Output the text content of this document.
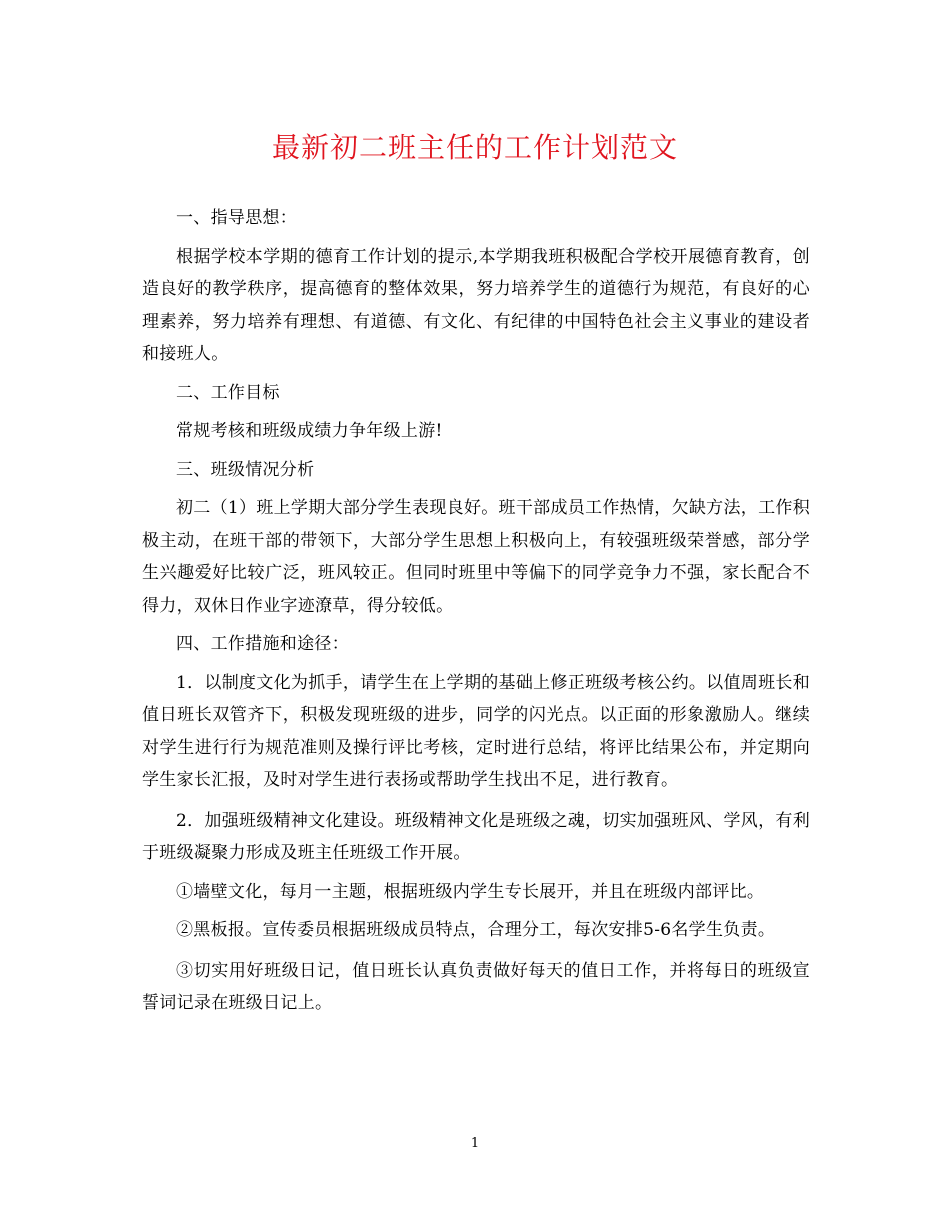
最新初二班主任的工作计划范文

一、指导思想：

根据学校本学期的德育工作计划的提示,本学期我班积极配合学校开展德育教育，创造良好的教学秩序，提高德育的整体效果，努力培养学生的道德行为规范，有良好的心理素养，努力培养有理想、有道德、有文化、有纪律的中国特色社会主义事业的建设者和接班人。

二、工作目标

常规考核和班级成绩力争年级上游!

三、班级情况分析

初二（1）班上学期大部分学生表现良好。班干部成员工作热情，欠缺方法，工作积极主动，在班干部的带领下，大部分学生思想上积极向上，有较强班级荣誉感，部分学生兴趣爱好比较广泛，班风较正。但同时班里中等偏下的同学竞争力不强，家长配合不得力，双休日作业字迹潦草，得分较低。

四、工作措施和途径：

1．以制度文化为抓手，请学生在上学期的基础上修正班级考核公约。以值周班长和值日班长双管齐下，积极发现班级的进步，同学的闪光点。以正面的形象激励人。继续对学生进行行为规范准则及操行评比考核，定时进行总结，将评比结果公布，并定期向学生家长汇报，及时对学生进行表扬或帮助学生找出不足，进行教育。

2．加强班级精神文化建设。班级精神文化是班级之魂，切实加强班风、学风，有利于班级凝聚力形成及班主任班级工作开展。

①墙壁文化，每月一主题，根据班级内学生专长展开，并且在班级内部评比。

②黑板报。宣传委员根据班级成员特点，合理分工，每次安排5-6名学生负责。

③切实用好班级日记，值日班长认真负责做好每天的值日工作，并将每日的班级宣誓词记录在班级日记上。

1
